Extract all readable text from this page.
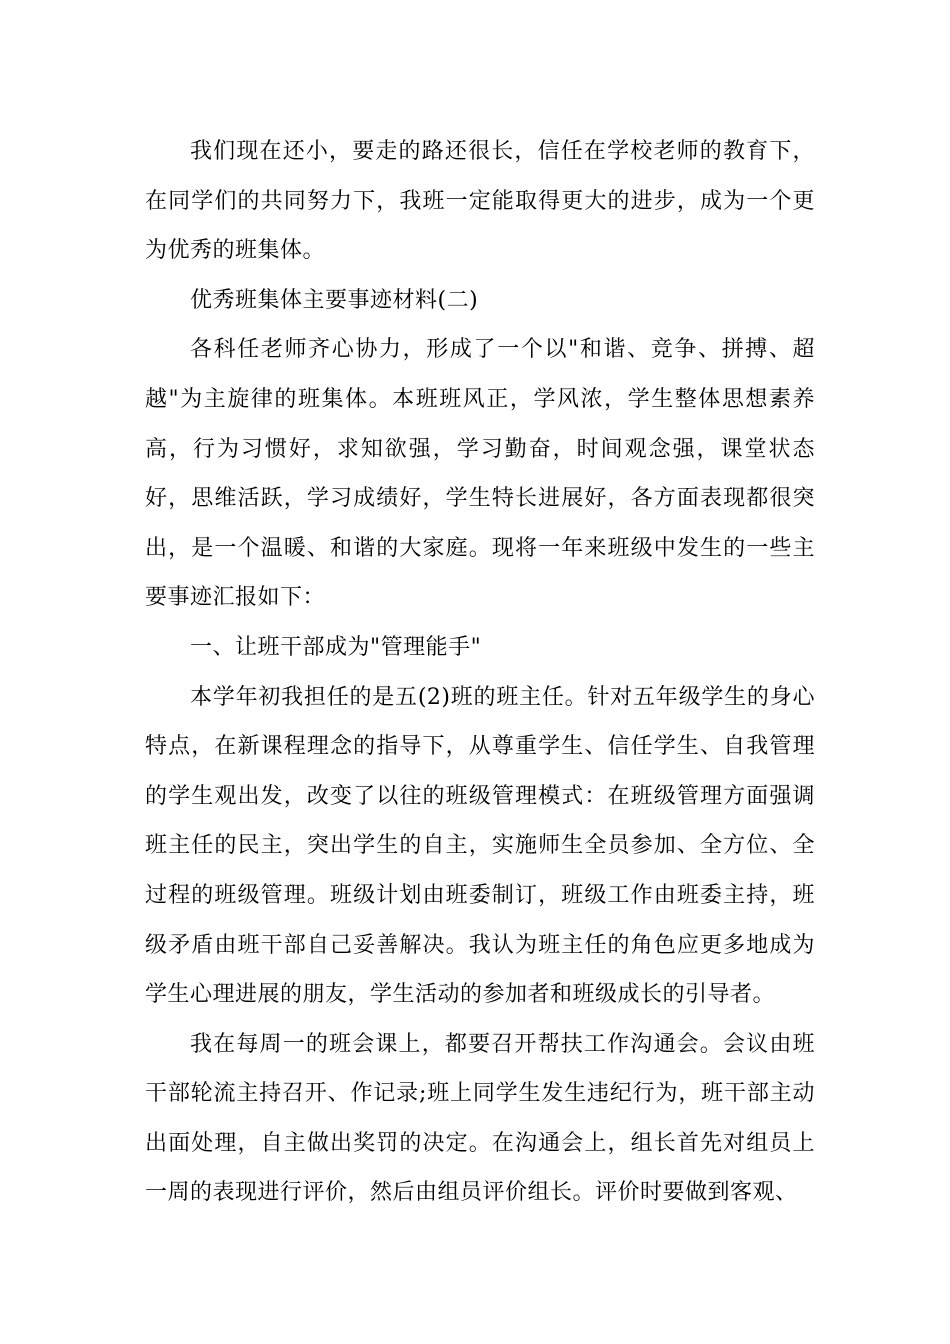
我们现在还小，要走的路还很长，信任在学校老师的教育下，在同学们的共同努力下，我班一定能取得更大的进步，成为一个更为优秀的班集体。

优秀班集体主要事迹材料(二)

各科任老师齐心协力，形成了一个以"和谐、竞争、拼搏、超越"为主旋律的班集体。本班班风正，学风浓，学生整体思想素养高，行为习惯好，求知欲强，学习勤奋，时间观念强，课堂状态好，思维活跃，学习成绩好，学生特长进展好，各方面表现都很突出，是一个温暖、和谐的大家庭。现将一年来班级中发生的一些主要事迹汇报如下：

一、让班干部成为"管理能手"

本学年初我担任的是五(2)班的班主任。针对五年级学生的身心特点，在新课程理念的指导下，从尊重学生、信任学生、自我管理的学生观出发，改变了以往的班级管理模式：在班级管理方面强调班主任的民主，突出学生的自主，实施师生全员参加、全方位、全过程的班级管理。班级计划由班委制订，班级工作由班委主持，班级矛盾由班干部自己妥善解决。我认为班主任的角色应更多地成为学生心理进展的朋友，学生活动的参加者和班级成长的引导者。

我在每周一的班会课上，都要召开帮扶工作沟通会。会议由班干部轮流主持召开、作记录;班上同学生发生违纪行为，班干部主动出面处理，自主做出奖罚的决定。在沟通会上，组长首先对组员上一周的表现进行评价，然后由组员评价组长。评价时要做到客观、
